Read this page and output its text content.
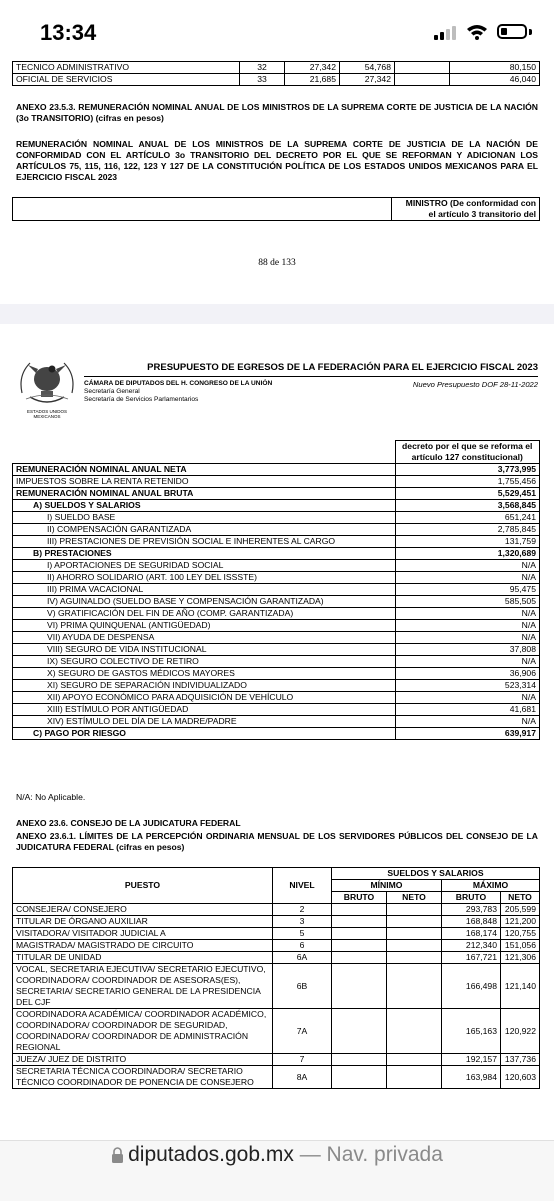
13:34
TECNICO ADMINISTRATIVO	32	27,342	54,768		80,150
OFICIAL DE SERVICIOS	33	21,685	27,342		46,040
ANEXO 23.5.3. REMUNERACIÓN NOMINAL ANUAL DE LOS MINISTROS DE LA SUPREMA CORTE DE JUSTICIA DE LA NACIÓN (3o TRANSITORIO) (cifras en pesos)
REMUNERACIÓN NOMINAL ANUAL DE LOS MINISTROS DE LA SUPREMA CORTE DE JUSTICIA DE LA NACIÓN DE CONFORMIDAD CON EL ARTÍCULO 3o TRANSITORIO DEL DECRETO POR EL QUE SE REFORMAN Y ADICIONAN LOS ARTÍCULOS 75, 115, 116, 122, 123 Y 127 DE LA CONSTITUCIÓN POLÍTICA DE LOS ESTADOS UNIDOS MEXICANOS PARA EL EJERCICIO FISCAL 2023

MINISTRO (De conformidad con
el artículo 3 transitorio del
88 de 133
ESTADOS UNIDOS MEXICANOS
PRESUPUESTO DE EGRESOS DE LA FEDERACIÓN PARA EL EJERCICIO FISCAL 2023
CÁMARA DE DIPUTADOS DEL H. CONGRESO DE LA UNIÓN
Secretaría General
Secretaría de Servicios Parlamentarios
Nuevo Presupuesto DOF 28-11-2022

	decreto por el que se reforma el
artículo 127 constitucional)

REMUNERACIÓN NOMINAL ANUAL NETA	3,773,995
IMPUESTOS SOBRE LA RENTA RETENIDO	1,755,456
REMUNERACIÓN NOMINAL ANUAL BRUTA	5,529,451
A) SUELDOS Y SALARIOS	3,568,845
I) SUELDO BASE	651,241
II) COMPENSACIÓN GARANTIZADA	2,785,845
III) PRESTACIONES DE PREVISIÓN SOCIAL E INHERENTES AL CARGO	131,759
B) PRESTACIONES	1,320,689
I) APORTACIONES DE SEGURIDAD SOCIAL	N/A
II) AHORRO SOLIDARIO (ART. 100 LEY DEL ISSSTE)	N/A
III) PRIMA VACACIONAL	95,475
IV) AGUINALDO (SUELDO BASE Y COMPENSACIÓN GARANTIZADA)	585,505
V) GRATIFICACIÓN DEL FIN DE AÑO (COMP. GARANTIZADA)	N/A
VI) PRIMA QUINQUENAL (ANTIGÜEDAD)	N/A
VII) AYUDA DE DESPENSA	N/A
VIII) SEGURO DE VIDA INSTITUCIONAL	37,808
IX) SEGURO COLECTIVO DE RETIRO	N/A
X) SEGURO DE GASTOS MÉDICOS MAYORES	36,906
XI) SEGURO DE SEPARACIÓN INDIVIDUALIZADO	523,314
XII) APOYO ECONÓMICO PARA ADQUISICIÓN DE VEHÍCULO	N/A
XIII) ESTÍMULO POR ANTIGÜEDAD	41,681
XIV) ESTÍMULO DEL DÍA DE LA MADRE/PADRE	N/A
C) PAGO POR RIESGO	639,917
N/A: No Aplicable.
ANEXO 23.6. CONSEJO DE LA JUDICATURA FEDERAL
ANEXO 23.6.1. LÍMITES DE LA PERCEPCIÓN ORDINARIA MENSUAL DE LOS SERVIDORES PÚBLICOS DEL CONSEJO DE LA JUDICATURA FEDERAL (cifras en pesos)
PUESTO	NIVEL	SUELDOS Y SALARIOS			
		MÍNIMO		MÁXIMO	
		BRUTO	NETO	BRUTO	NETO
CONSEJERA/ CONSEJERO	2			293,783	205,599
TITULAR DE ÓRGANO AUXILIAR	3			168,848	121,200
VISITADORA/ VISITADOR JUDICIAL A	5			168,174	120,755
MAGISTRADA/ MAGISTRADO DE CIRCUITO	6			212,340	151,056
TITULAR DE UNIDAD	6A			167,721	121,306
VOCAL, SECRETARIA EJECUTIVA/ SECRETARIO EJECUTIVO, COORDINADORA/ COORDINADOR DE ASESORAS(ES), SECRETARIA/ SECRETARIO GENERAL DE LA PRESIDENCIA DEL CJF	6B			166,498	121,140
COORDINADORA ACADÉMICA/ COORDINADOR ACADÉMICO, COORDINADORA/ COORDINADOR DE SEGURIDAD, COORDINADORA/ COORDINADOR DE ADMINISTRACIÓN REGIONAL	7A			165,163	120,922
JUEZA/ JUEZ DE DISTRITO	7			192,157	137,736
SECRETARIA TÉCNICA COORDINADORA/ SECRETARIO TÉCNICO COORDINADOR DE PONENCIA DE CONSEJERO	8A			163,984	120,603
diputados.gob.mx — Nav. privada
